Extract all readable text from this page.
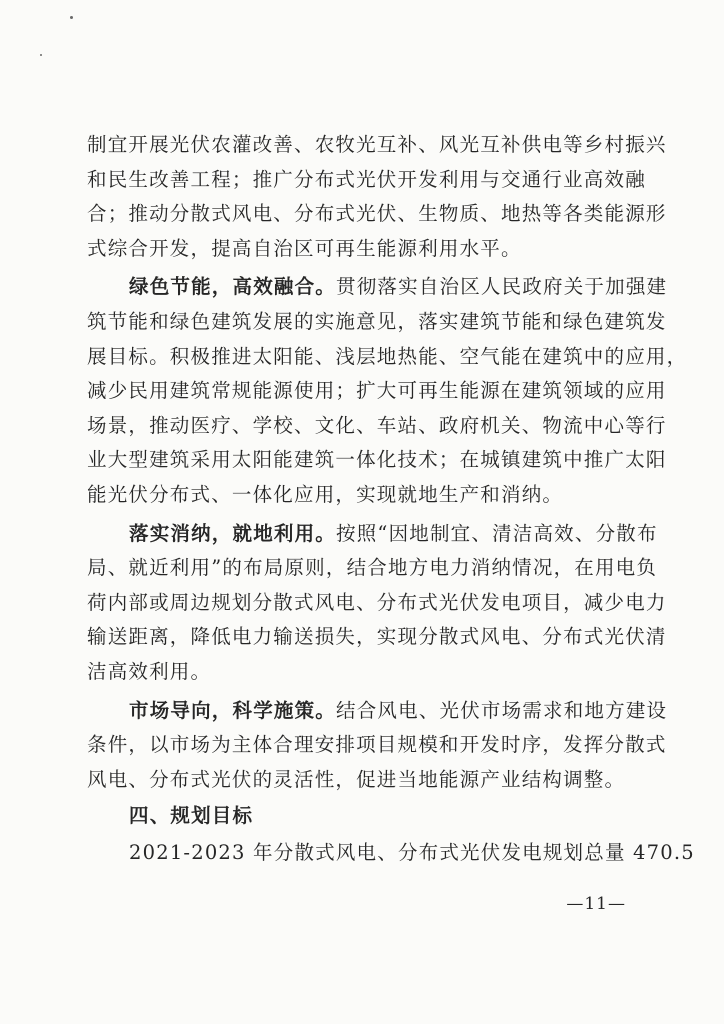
制宜开展光伏农灌改善、农牧光互补、风光互补供电等乡村振兴
和民生改善工程；推广分布式光伏开发利用与交通行业高效融
合；推动分散式风电、分布式光伏、生物质、地热等各类能源形
式综合开发，提高自治区可再生能源利用水平。

绿色节能，高效融合。贯彻落实自治区人民政府关于加强建
筑节能和绿色建筑发展的实施意见，落实建筑节能和绿色建筑发
展目标。积极推进太阳能、浅层地热能、空气能在建筑中的应用，
减少民用建筑常规能源使用；扩大可再生能源在建筑领域的应用
场景，推动医疗、学校、文化、车站、政府机关、物流中心等行
业大型建筑采用太阳能建筑一体化技术；在城镇建筑中推广太阳
能光伏分布式、一体化应用，实现就地生产和消纳。

落实消纳，就地利用。按照“因地制宜、清洁高效、分散布
局、就近利用”的布局原则，结合地方电力消纳情况，在用电负
荷内部或周边规划分散式风电、分布式光伏发电项目，减少电力
输送距离，降低电力输送损失，实现分散式风电、分布式光伏清
洁高效利用。

市场导向，科学施策。结合风电、光伏市场需求和地方建设
条件，以市场为主体合理安排项目规模和开发时序，发挥分散式
风电、分布式光伏的灵活性，促进当地能源产业结构调整。

四、规划目标

2021-2023 年分散式风电、分布式光伏发电规划总量 470.5

—11—
